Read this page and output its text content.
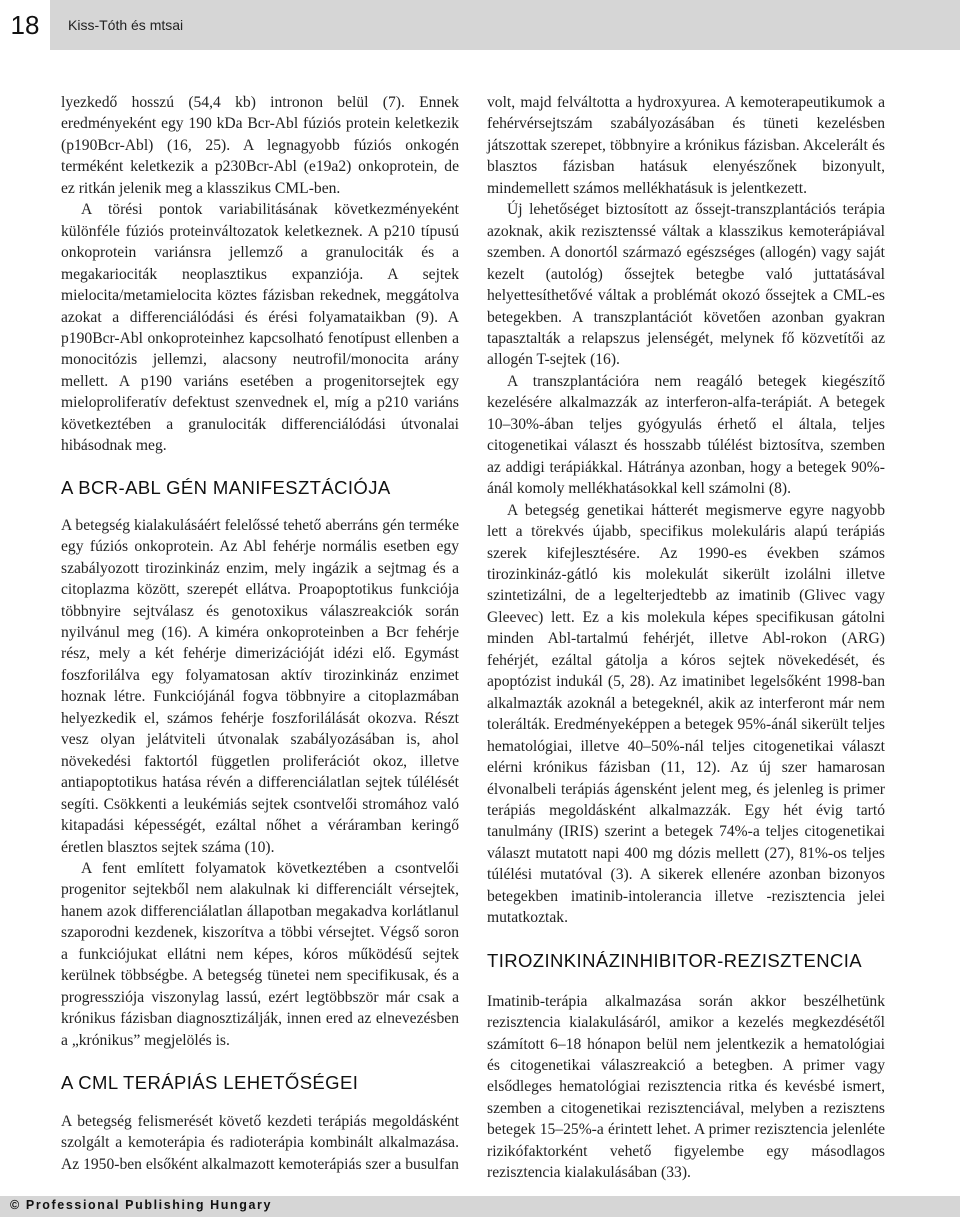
18	Kiss-Tóth és mtsai

lyezkedő hosszú (54,4 kb) intronon belül (7). Ennek eredményeként egy 190 kDa Bcr-Abl fúziós protein keletkezik (p190Bcr-Abl) (16, 25). A legnagyobb fúziós onkogén terméként keletkezik a p230Bcr-Abl (e19a2) onkoprotein, de ez ritkán jelenik meg a klasszikus CML-ben.

A törési pontok variabilitásának következményeként különféle fúziós proteinváltozatok keletkeznek. A p210 típusú onkoprotein variánsra jellemző a granulociták és a megakariociták neoplasztikus expanziója. A sejtek mielocita/metamielocita köztes fázisban rekednek, meggátolva azokat a differenciálódási és érési folyamataikban (9). A p190Bcr-Abl onkoproteinhez kapcsolható fenotípust ellenben a monocitózis jellemzi, alacsony neutrofil/monocita arány mellett. A p190 variáns esetében a progenitorsejtek egy mieloproliferatív defektust szenvednek el, míg a p210 variáns következtében a granulociták differenciálódási útvonalai hibásodnak meg.

A BCR-ABL GÉN MANIFESZTÁCIÓJA

A betegség kialakulásáért felelőssé tehető aberráns gén terméke egy fúziós onkoprotein. Az Abl fehérje normális esetben egy szabályozott tirozinkináz enzim, mely ingázik a sejtmag és a citoplazma között, szerepét ellátva. Proapoptotikus funkciója többnyire sejtválasz és genotoxikus válaszreakciók során nyilvánul meg (16). A kiméra onkoproteinben a Bcr fehérje rész, mely a két fehérje dimerizációját idézi elő. Egymást foszforilálva egy folyamatosan aktív tirozinkináz enzimet hoznak létre. Funkciójánál fogva többnyire a citoplazmában helyezkedik el, számos fehérje foszforilálását okozva. Részt vesz olyan jelátviteli útvonalak szabályozásában is, ahol növekedési faktortól független proliferációt okoz, illetve antiapoptotikus hatása révén a differenciálatlan sejtek túlélését segíti. Csökkenti a leukémiás sejtek csontvelői stromához való kitapadási képességét, ezáltal nőhet a véráramban keringő éretlen blasztos sejtek száma (10).

A fent említett folyamatok következtében a csontvelői progenitor sejtekből nem alakulnak ki differenciált vérsejtek, hanem azok differenciálatlan állapotban megakadva korlátlanul szaporodni kezdenek, kiszorítva a többi vérsejtet. Végső soron a funkciójukat ellátni nem képes, kóros működésű sejtek kerülnek többségbe. A betegség tünetei nem specifikusak, és a progressziója viszonylag lassú, ezért legtöbbször már csak a krónikus fázisban diagnosztizálják, innen ered az elnevezésben a „krónikus” megjelölés is.

A CML TERÁPIÁS LEHETŐSÉGEI

A betegség felismerését követő kezdeti terápiás megoldásként szolgált a kemoterápia és radioterápia kombinált alkalmazása. Az 1950-ben elsőként alkalmazott kemoterápiás szer a busulfan

volt, majd felváltotta a hydroxyurea. A kemoterapeutikumok a fehérvérsejtszám szabályozásában és tüneti kezelésben játszottak szerepet, többnyire a krónikus fázisban. Akcelerált és blasztos fázisban hatásuk elenyészőnek bizonyult, mindemellett számos mellékhatásuk is jelentkezett.

Új lehetőséget biztosított az őssejt-transzplantációs terápia azoknak, akik rezisztenssé váltak a klasszikus kemoterápiával szemben. A donortól származó egészséges (allogén) vagy saját kezelt (autológ) őssejtek betegbe való juttatásával helyettesíthetővé váltak a problémát okozó őssejtek a CML-es betegekben. A transzplantációt követően azonban gyakran tapasztalták a relapszus jelenségét, melynek fő közvetítői az allogén T-sejtek (16).

A transzplantációra nem reagáló betegek kiegészítő kezelésére alkalmazzák az interferon-alfa-terápiát. A betegek 10–30%-ában teljes gyógyulás érhető el általa, teljes citogenetikai választ és hosszabb túlélést biztosítva, szemben az addigi terápiákkal. Hátránya azonban, hogy a betegek 90%-ánál komoly mellékhatásokkal kell számolni (8).

A betegség genetikai hátterét megismerve egyre nagyobb lett a törekvés újabb, specifikus molekuláris alapú terápiás szerek kifejlesztésére. Az 1990-es években számos tirozinkináz-gátló kis molekulát sikerült izolálni illetve szintetizálni, de a legelterjedtebb az imatinib (Glivec vagy Gleevec) lett. Ez a kis molekula képes specifikusan gátolni minden Abl-tartalmú fehérjét, illetve Abl-rokon (ARG) fehérjét, ezáltal gátolja a kóros sejtek növekedését, és apoptózist indukál (5, 28). Az imatinibet legelsőként 1998-ban alkalmazták azoknál a betegeknél, akik az interferont már nem tolerálták. Eredményeképpen a betegek 95%-ánál sikerült teljes hematológiai, illetve 40–50%-nál teljes citogenetikai választ elérni krónikus fázisban (11, 12). Az új szer hamarosan élvonalbeli terápiás ágensként jelent meg, és jelenleg is primer terápiás megoldásként alkalmazzák. Egy hét évig tartó tanulmány (IRIS) szerint a betegek 74%-a teljes citogenetikai választ mutatott napi 400 mg dózis mellett (27), 81%-os teljes túlélési mutatóval (3). A sikerek ellenére azonban bizonyos betegekben imatinib-intolerancia illetve -rezisztencia jelei mutatkoztak.

TIROZINKINÁZINHIBITOR-REZISZTENCIA

Imatinib-terápia alkalmazása során akkor beszélhetünk rezisztencia kialakulásáról, amikor a kezelés megkezdésétől számított 6–18 hónapon belül nem jelentkezik a hematológiai és citogenetikai válaszreakció a betegben. A primer vagy elsődleges hematológiai rezisztencia ritka és kevésbé ismert, szemben a citogenetikai rezisztenciával, melyben a rezisztens betegek 15–25%-a érintett lehet. A primer rezisztencia jelenléte rizikófaktorként vehető figyelembe egy másodlagos rezisztencia kialakulásában (33).

© Professional Publishing Hungary
